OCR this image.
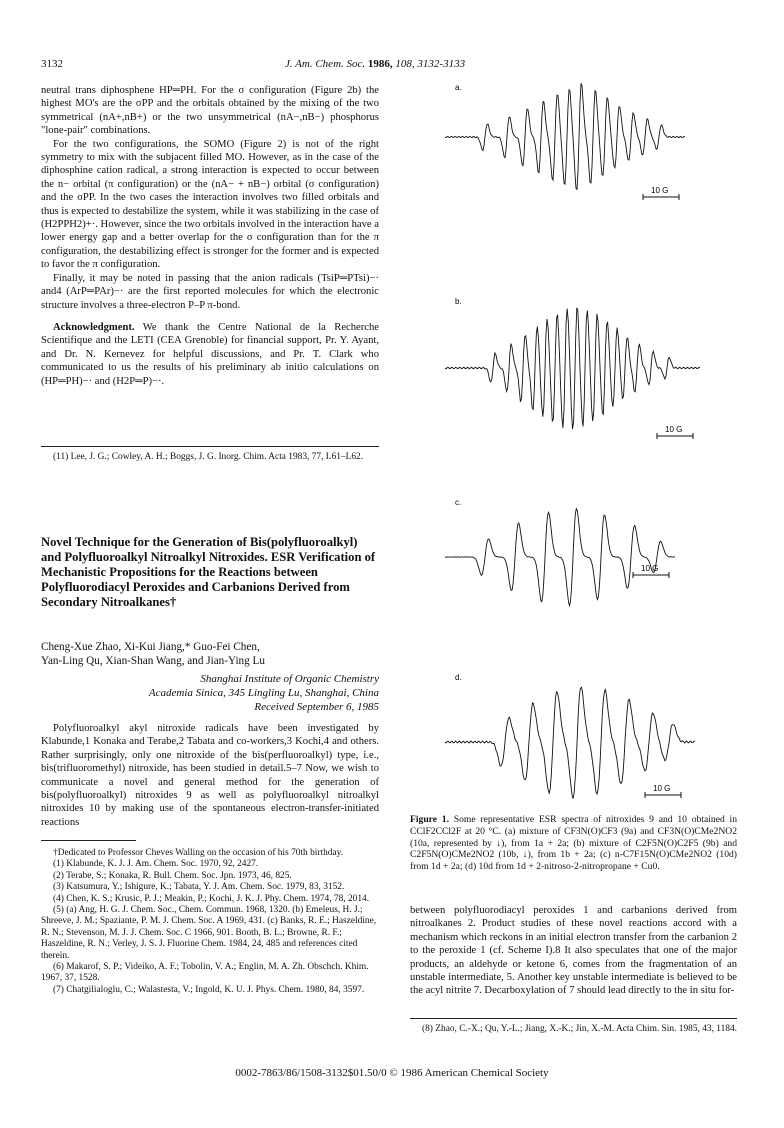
3132	J. Am. Chem. Soc. 1986, 108, 3132-3133

neutral trans diphosphene HP═PH. For the σ configuration (Figure 2b) the highest MO's are the σPP and the orbitals obtained by the mixing of the two symmetrical (nA+,nB+) or the two unsymmetrical (nA−,nB−) phosphorus "lone-pair" combinations.

For the two configurations, the SOMO (Figure 2) is not of the right symmetry to mix with the subjacent filled MO. However, as in the case of the diphosphine cation radical, a strong interaction is expected to occur between the n− orbital (π configuration) or the (nA− + nB−) orbital (σ configuration) and the σPP. In the two cases the interaction involves two filled orbitals and thus is expected to destabilize the system, while it was stabilizing in the case of (H2PPH2)+·. However, since the two orbitals involved in the interaction have a lower energy gap and a better overlap for the σ configuration than for the π configuration, the destabilizing effect is stronger for the former and is expected to favor the π configuration.

Finally, it may be noted in passing that the anion radicals (TsiP═PTsi)−· and4 (ArP═PAr)−· are the first reported molecules for which the electronic structure involves a three-electron P–P π-bond.

Acknowledgment. We thank the Centre National de la Recherche Scientifique and the LETI (CEA Grenoble) for financial support, Pr. Y. Ayant, and Dr. N. Kernevez for helpful discussions, and Pr. T. Clark who communicated to us the results of his preliminary ab initio calculations on (HP═PH)−· and (H2P═P)−·.

(11) Lee, J. G.; Cowley, A. H.; Boggs, J. G. Inorg. Chim. Acta 1983, 77, L61–L62.
Novel Technique for the Generation of Bis(polyfluoroalkyl) and Polyfluoroalkyl Nitroalkyl Nitroxides. ESR Verification of Mechanistic Propositions for the Reactions between Polyfluorodiacyl Peroxides and Carbanions Derived from Secondary Nitroalkanes†
Cheng-Xue Zhao, Xi-Kui Jiang,* Guo-Fei Chen,
Yan-Ling Qu, Xian-Shan Wang, and Jian-Ying Lu
Shanghai Institute of Organic Chemistry
Academia Sinica, 345 Lingling Lu, Shanghai, China
Received September 6, 1985

Polyfluoroalkyl akyl nitroxide radicals have been investigated by Klabunde,1 Konaka and Terabe,2 Tabata and co-workers,3 Kochi,4 and others. Rather surprisingly, only one nitroxide of the bis(perfluoroalkyl) type, i.e., bis(trifluoromethyl) nitroxide, has been studied in detail.5–7 Now, we wish to communicate a novel and general method for the generation of bis(polyfluoroalkyl) nitroxides 9 as well as polyfluoroalkyl nitroalkyl nitroxides 10 by making use of the spontaneous electron-transfer-initiated reactions

†Dedicated to Professor Cheves Walling on the occasion of his 70th birthday.
(1) Klabunde, K. J. J. Am. Chem. Soc. 1970, 92, 2427.
(2) Terabe, S.; Konaka, R. Bull. Chem. Soc. Jpn. 1973, 46, 825.
(3) Katsumura, Y.; Ishigure, K.; Tabata, Y. J. Am. Chem. Soc. 1979, 83, 3152.
(4) Chen, K. S.; Krusic, P. J.; Meakin, P.; Kochi, J. K. J. Phy. Chem. 1974, 78, 2014.
(5) (a) Ang, H. G. J. Chem. Soc., Chem. Commun. 1968, 1320. (b) Emeleus, H. J.; Shreeve, J. M.; Spaziante, P. M. J. Chem. Soc. A 1969, 431. (c) Banks, R. E.; Haszeldine, R. N.; Stevenson, M. J. J. Chem. Soc. C 1966, 901. Booth, B. L.; Browne, R. F.; Haszeldine, R. N.; Verley, J. S. J. Fluorine Chem. 1984, 24, 485 and references cited therein.
(6) Makarof, S. P.; Videiko, A. F.; Tobolin, V. A.; Englin, M. A. Zh. Obschch. Khim. 1967, 37, 1528.
(7) Chatgilialoglu, C.; Walastesta, V.; Ingold, K. U. J. Phys. Chem. 1980, 84, 3597.
a.
10 G
b.
10 G
c.
10 G
d.
10 G
Figure 1. Some representative ESR spectra of nitroxides 9 and 10 obtained in CClF2CCl2F at 20 °C. (a) mixture of CF3N(O)CF3 (9a) and CF3N(O)CMe2NO2 (10a, represented by ↓), from 1a + 2a; (b) mixture of C2F5N(O)C2F5 (9b) and C2F5N(O)CMe2NO2 (10b, ↓), from 1b + 2a; (c) n-C7F15N(O)CMe2NO2 (10d) from 1d + 2a; (d) 10d from 1d + 2-nitroso-2-nitropropane + Cu0.

between polyfluorodiacyl peroxides 1 and carbanions derived from nitroalkanes 2. Product studies of these novel reactions accord with a mechanism which reckons in an initial electron transfer from the carbanion 2 to the peroxide 1 (cf. Scheme I).8 It also speculates that one of the major products, an aldehyde or ketone 6, comes from the fragmentation of an unstable intermediate, 5. Another key unstable intermediate is believed to be the acyl nitrite 7. Decarboxylation of 7 should lead directly to the in situ for-

(8) Zhao, C.-X.; Qu, Y.-L.; Jiang, X.-K.; Jin, X.-M. Acta Chim. Sin. 1985, 43, 1184.
0002-7863/86/1508-3132$01.50/0 © 1986 American Chemical Society
